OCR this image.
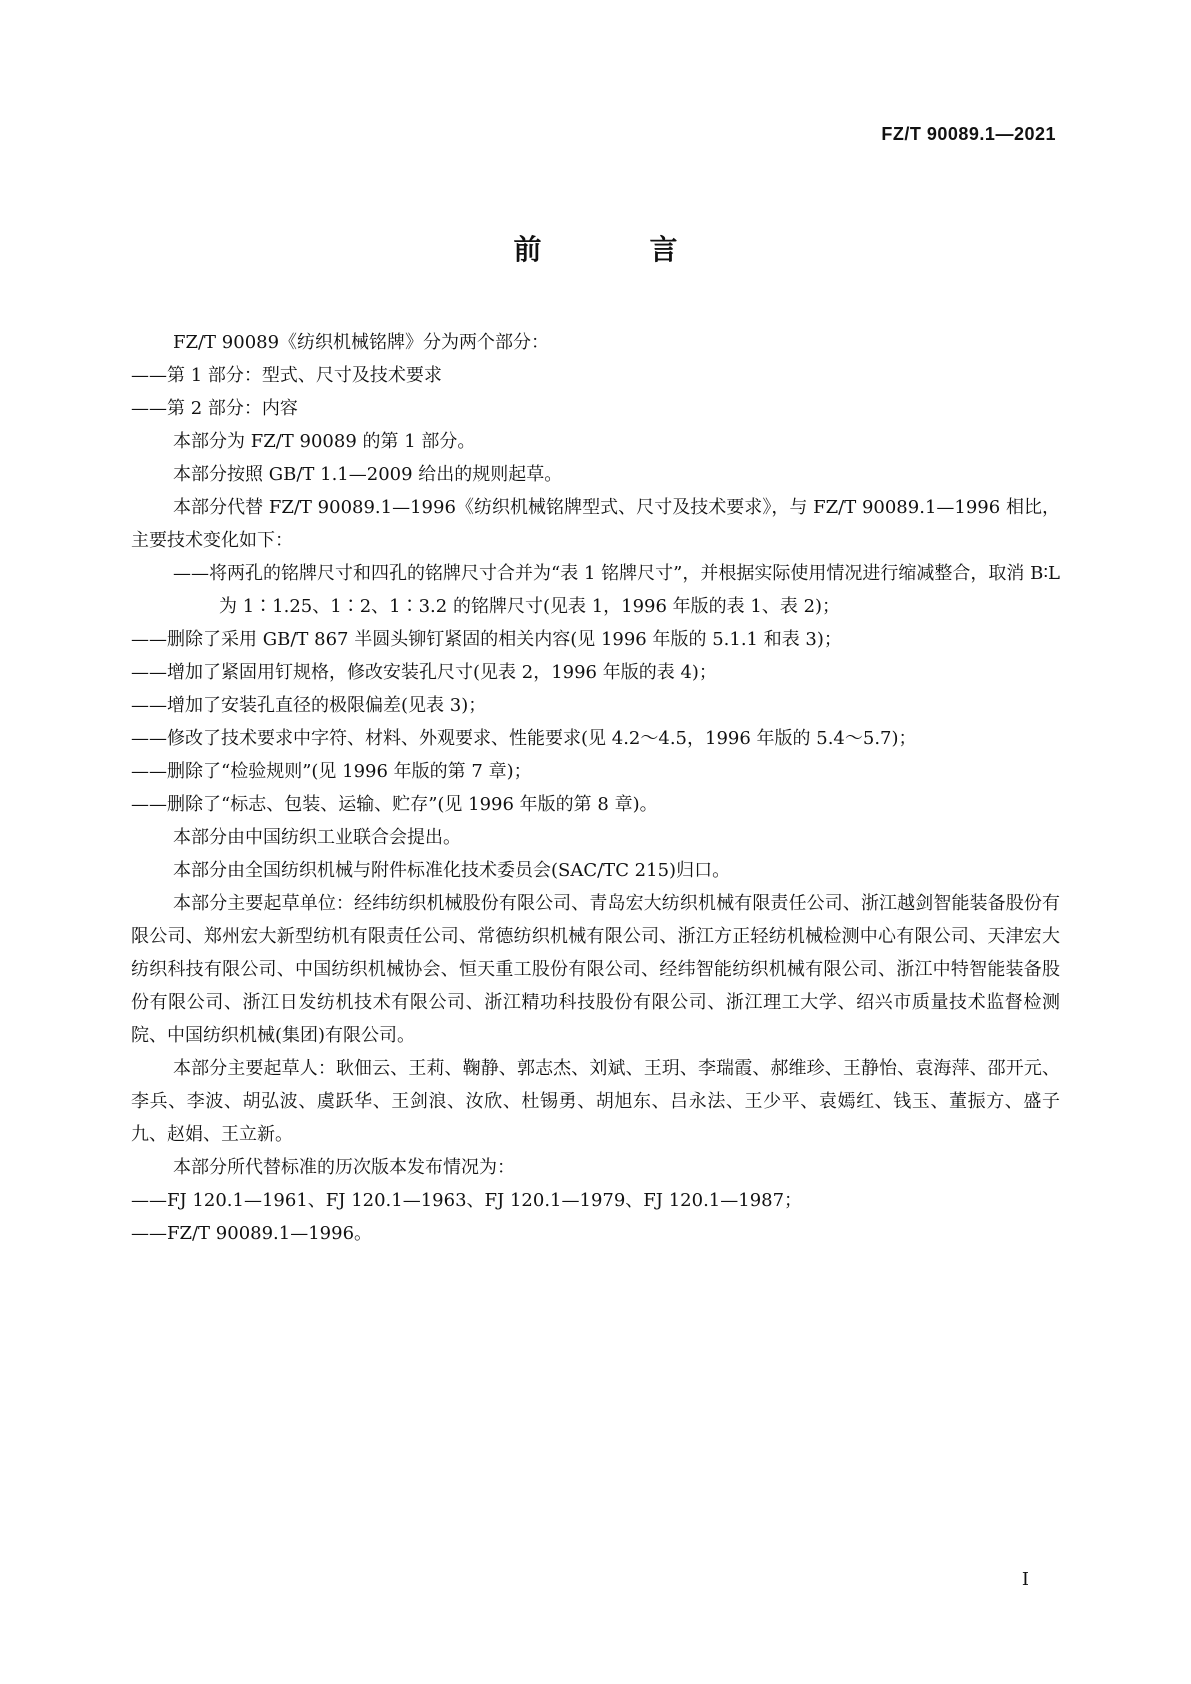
FZ/T 90089.1—2021
前　言

FZ/T 90089《纺织机械铭牌》分为两个部分：

——第 1 部分：型式、尺寸及技术要求

——第 2 部分：内容

本部分为 FZ/T 90089 的第 1 部分。

本部分按照 GB/T 1.1—2009 给出的规则起草。

本部分代替 FZ/T 90089.1—1996《纺织机械铭牌型式、尺寸及技术要求》，与 FZ/T 90089.1—1996 相比，主要技术变化如下：

——将两孔的铭牌尺寸和四孔的铭牌尺寸合并为“表 1 铭牌尺寸”，并根据实际使用情况进行缩减整合，取消 B∶L 为 1∶1.25、1∶2、1∶3.2 的铭牌尺寸(见表 1，1996 年版的表 1、表 2)；

——删除了采用 GB/T 867 半圆头铆钉紧固的相关内容(见 1996 年版的 5.1.1 和表 3)；

——增加了紧固用钉规格，修改安装孔尺寸(见表 2，1996 年版的表 4)；

——增加了安装孔直径的极限偏差(见表 3)；

——修改了技术要求中字符、材料、外观要求、性能要求(见 4.2～4.5，1996 年版的 5.4～5.7)；

——删除了“检验规则”(见 1996 年版的第 7 章)；

——删除了“标志、包装、运输、贮存”(见 1996 年版的第 8 章)。

本部分由中国纺织工业联合会提出。

本部分由全国纺织机械与附件标准化技术委员会(SAC/TC 215)归口。

本部分主要起草单位：经纬纺织机械股份有限公司、青岛宏大纺织机械有限责任公司、浙江越剑智能装备股份有限公司、郑州宏大新型纺机有限责任公司、常德纺织机械有限公司、浙江方正轻纺机械检测中心有限公司、天津宏大纺织科技有限公司、中国纺织机械协会、恒天重工股份有限公司、经纬智能纺织机械有限公司、浙江中特智能装备股份有限公司、浙江日发纺机技术有限公司、浙江精功科技股份有限公司、浙江理工大学、绍兴市质量技术监督检测院、中国纺织机械(集团)有限公司。

本部分主要起草人：耿佃云、王莉、鞠静、郭志杰、刘斌、王玥、李瑞霞、郝维珍、王静怡、袁海萍、邵开元、李兵、李波、胡弘波、虞跃华、王剑浪、汝欣、杜锡勇、胡旭东、吕永法、王少平、袁嫣红、钱玉、董振方、盛子九、赵娟、王立新。

本部分所代替标准的历次版本发布情况为：

——FJ 120.1—1961、FJ 120.1—1963、FJ 120.1—1979、FJ 120.1—1987；

——FZ/T 90089.1—1996。

I
